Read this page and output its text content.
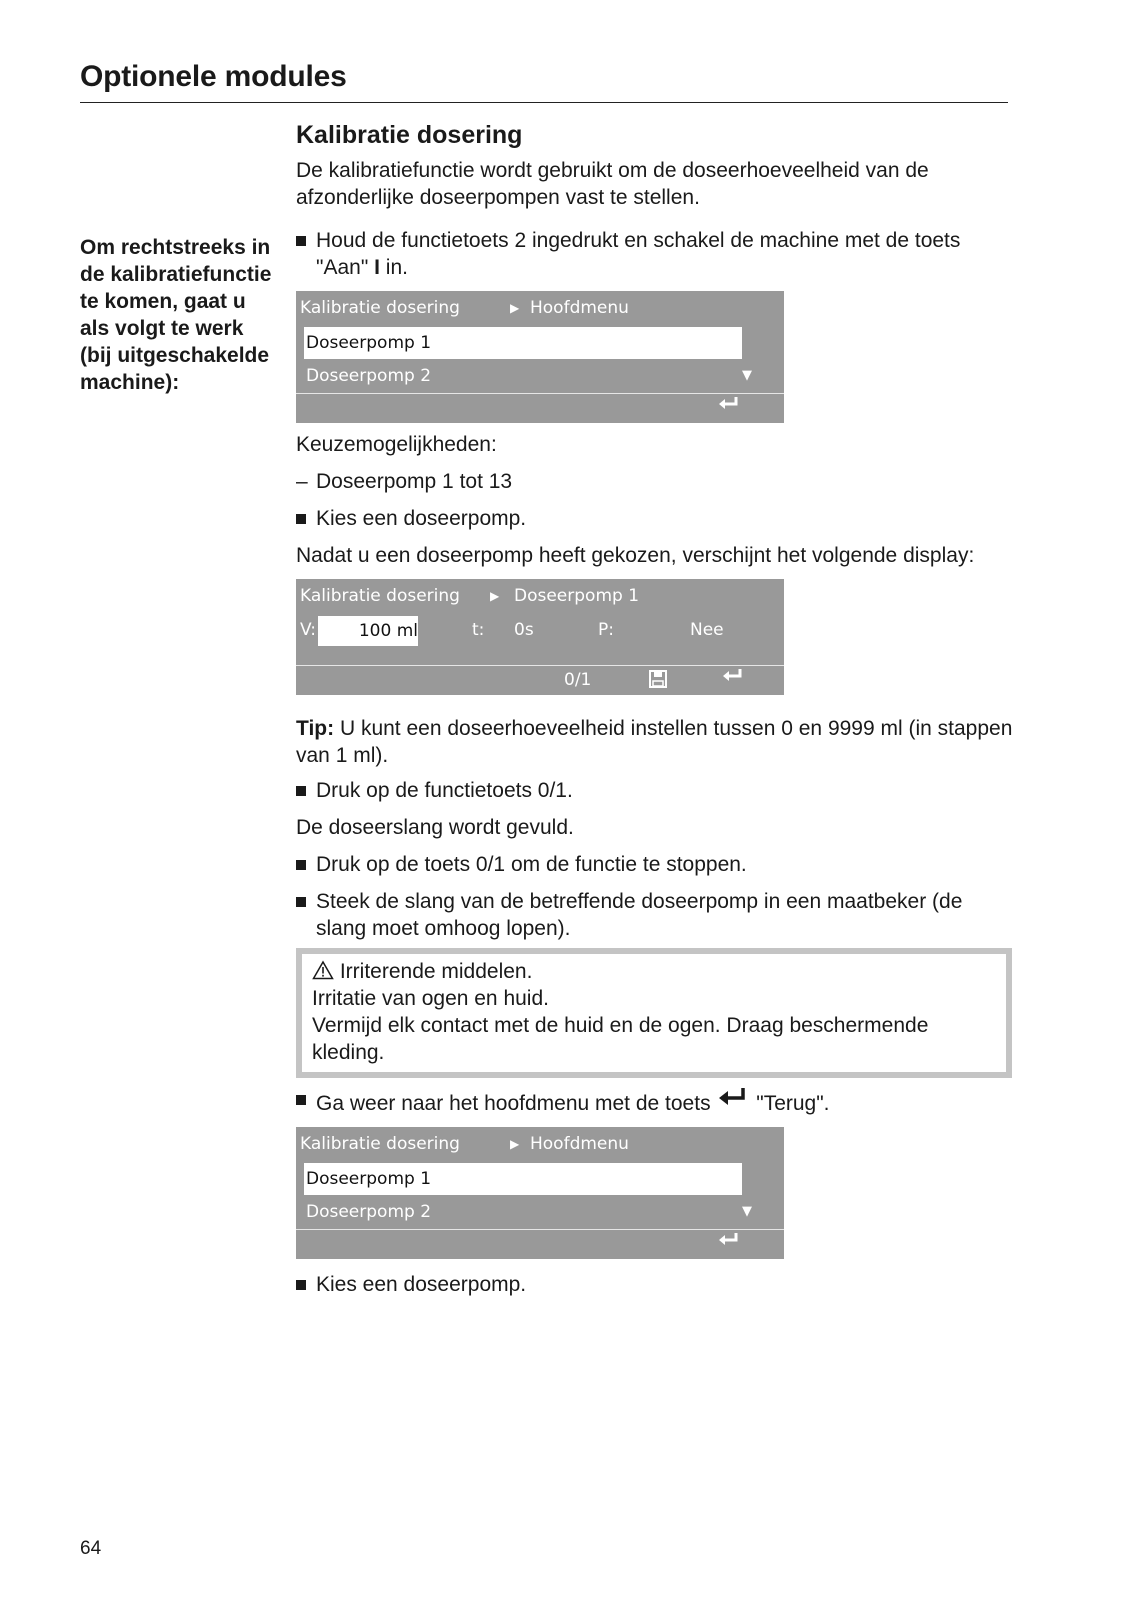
Optionele modules
Om rechtstreeks in de kalibratiefunctie te komen, gaat u als volgt te werk (bij uitgeschakelde machine):
Kalibratie dosering

De kalibratiefunctie wordt gebruikt om de doseerhoeveelheid van de afzonderlijke doseerpompen vast te stellen.

Houd de functietoets 2 ingedrukt en schakel de machine met de toets "Aan" I in.

Kalibratie dosering	▶ Hoofdmenu
Doseerpomp 1
Doseerpomp 2	▼

Keuzemogelijkheden:

– Doseerpomp 1 tot 13

Kies een doseerpomp.

Nadat u een doseerpomp heeft gekozen, verschijnt het volgende display:

Kalibratie dosering	▶ Doseerpomp 1
V:	100 ml	t: 0s	P:	Nee
0/1

Tip: U kunt een doseerhoeveelheid instellen tussen 0 en 9999 ml (in stappen van 1 ml).

Druk op de functietoets 0/1.

De doseerslang wordt gevuld.

Druk op de toets 0/1 om de functie te stoppen.

Steek de slang van de betreffende doseerpomp in een maatbeker (de slang moet omhoog lopen).

Irriterende middelen.

Irritatie van ogen en huid.

Vermijd elk contact met de huid en de ogen. Draag beschermende kleding.

Ga weer naar het hoofdmenu met de toets  "Terug".

Kalibratie dosering	▶ Hoofdmenu
Doseerpomp 1
Doseerpomp 2	▼

Kies een doseerpomp.

64
